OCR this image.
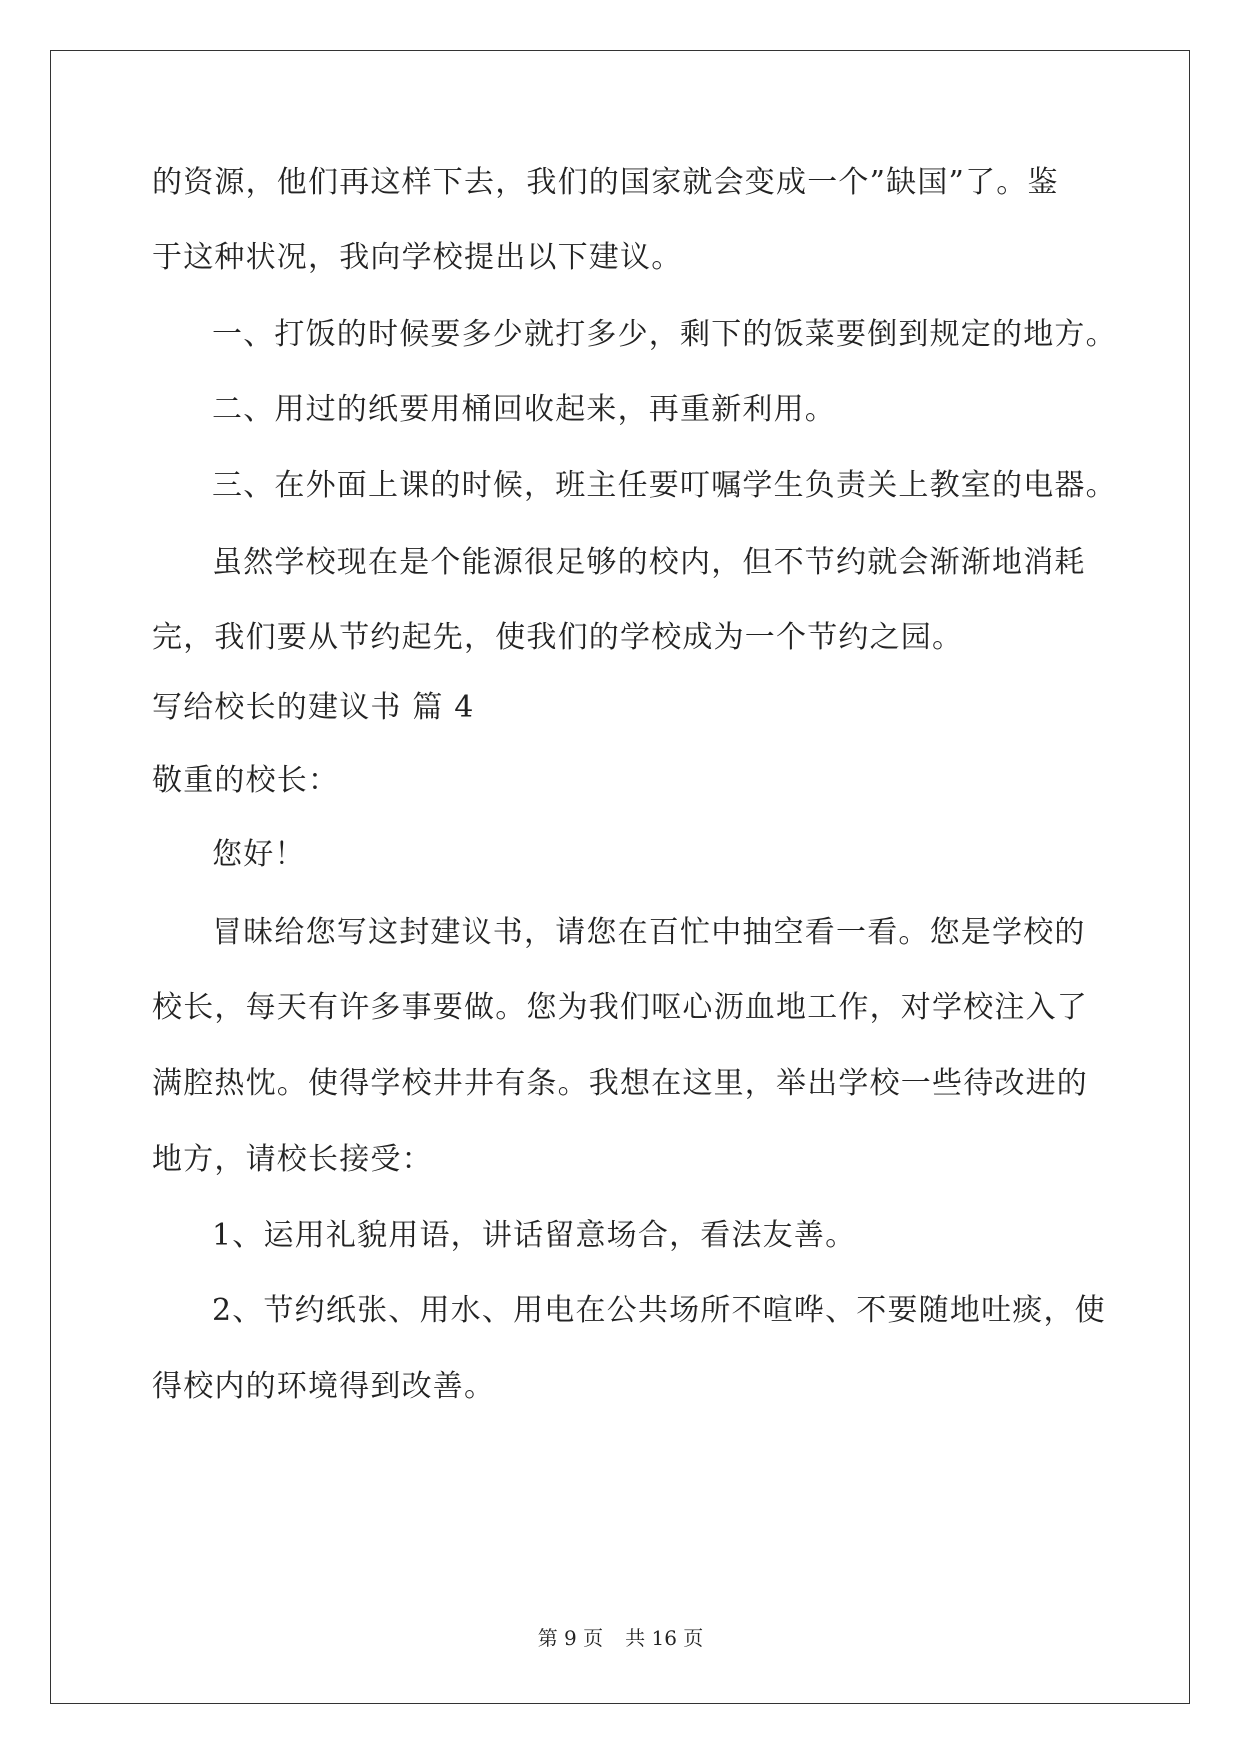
的资源，他们再这样下去，我们的国家就会变成一个”缺国”了。鉴
于这种状况，我向学校提出以下建议。
一、打饭的时候要多少就打多少，剩下的饭菜要倒到规定的地方。
二、用过的纸要用桶回收起来，再重新利用。
三、在外面上课的时候，班主任要叮嘱学生负责关上教室的电器。
虽然学校现在是个能源很足够的校内，但不节约就会渐渐地消耗
完，我们要从节约起先，使我们的学校成为一个节约之园。
写给校长的建议书 篇 4
敬重的校长：
您好！
冒昧给您写这封建议书，请您在百忙中抽空看一看。您是学校的
校长，每天有许多事要做。您为我们呕心沥血地工作，对学校注入了
满腔热忱。使得学校井井有条。我想在这里，举出学校一些待改进的
地方，请校长接受：
1、运用礼貌用语，讲话留意场合，看法友善。
2、节约纸张、用水、用电在公共场所不喧哗、不要随地吐痰，使
得校内的环境得到改善。
第 9 页 共 16 页
